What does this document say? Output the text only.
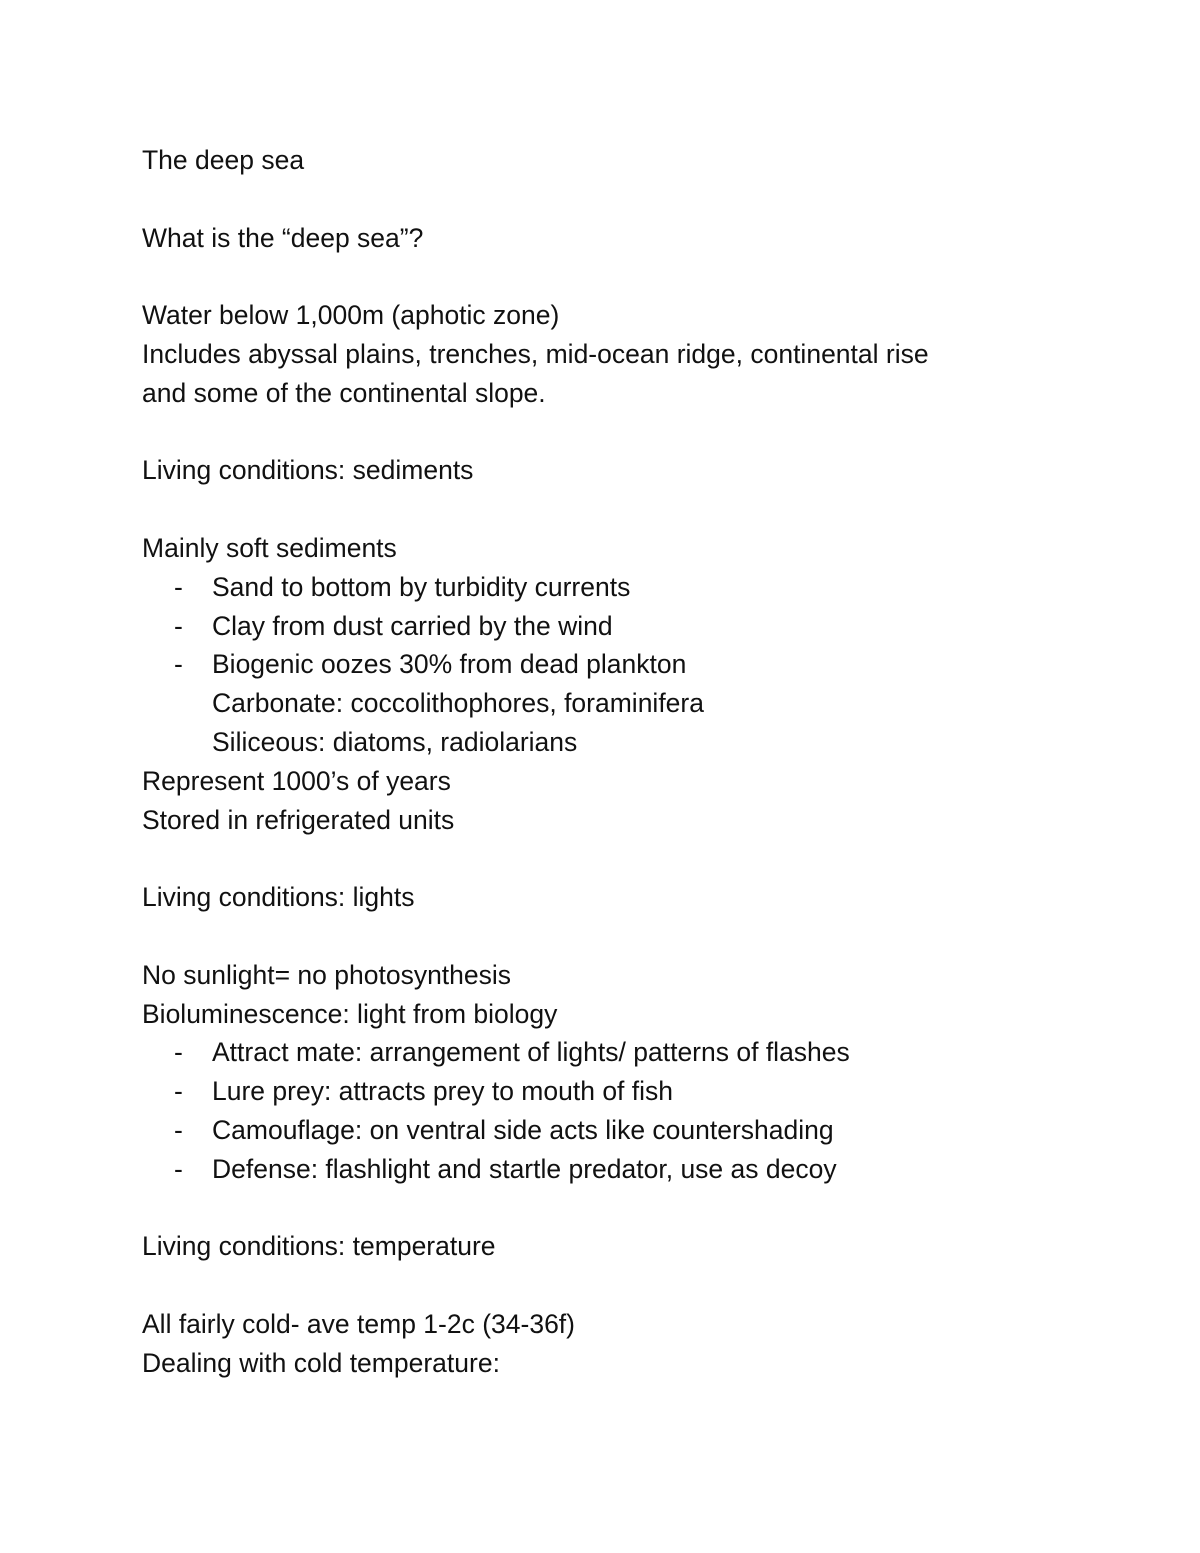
The deep sea
What is the “deep sea”?
Water below 1,000m (aphotic zone)
Includes abyssal plains, trenches, mid-ocean ridge, continental rise
and some of the continental slope.
Living conditions: sediments
Mainly soft sediments
- Sand to bottom by turbidity currents
- Clay from dust carried by the wind
- Biogenic oozes 30% from dead plankton
Carbonate: coccolithophores, foraminifera
Siliceous: diatoms, radiolarians
Represent 1000’s of years
Stored in refrigerated units
Living conditions: lights
No sunlight= no photosynthesis
Bioluminescence: light from biology
- Attract mate: arrangement of lights/ patterns of flashes
- Lure prey: attracts prey to mouth of fish
- Camouflage: on ventral side acts like countershading
- Defense: flashlight and startle predator, use as decoy
Living conditions: temperature
All fairly cold- ave temp 1-2c (34-36f)
Dealing with cold temperature:
